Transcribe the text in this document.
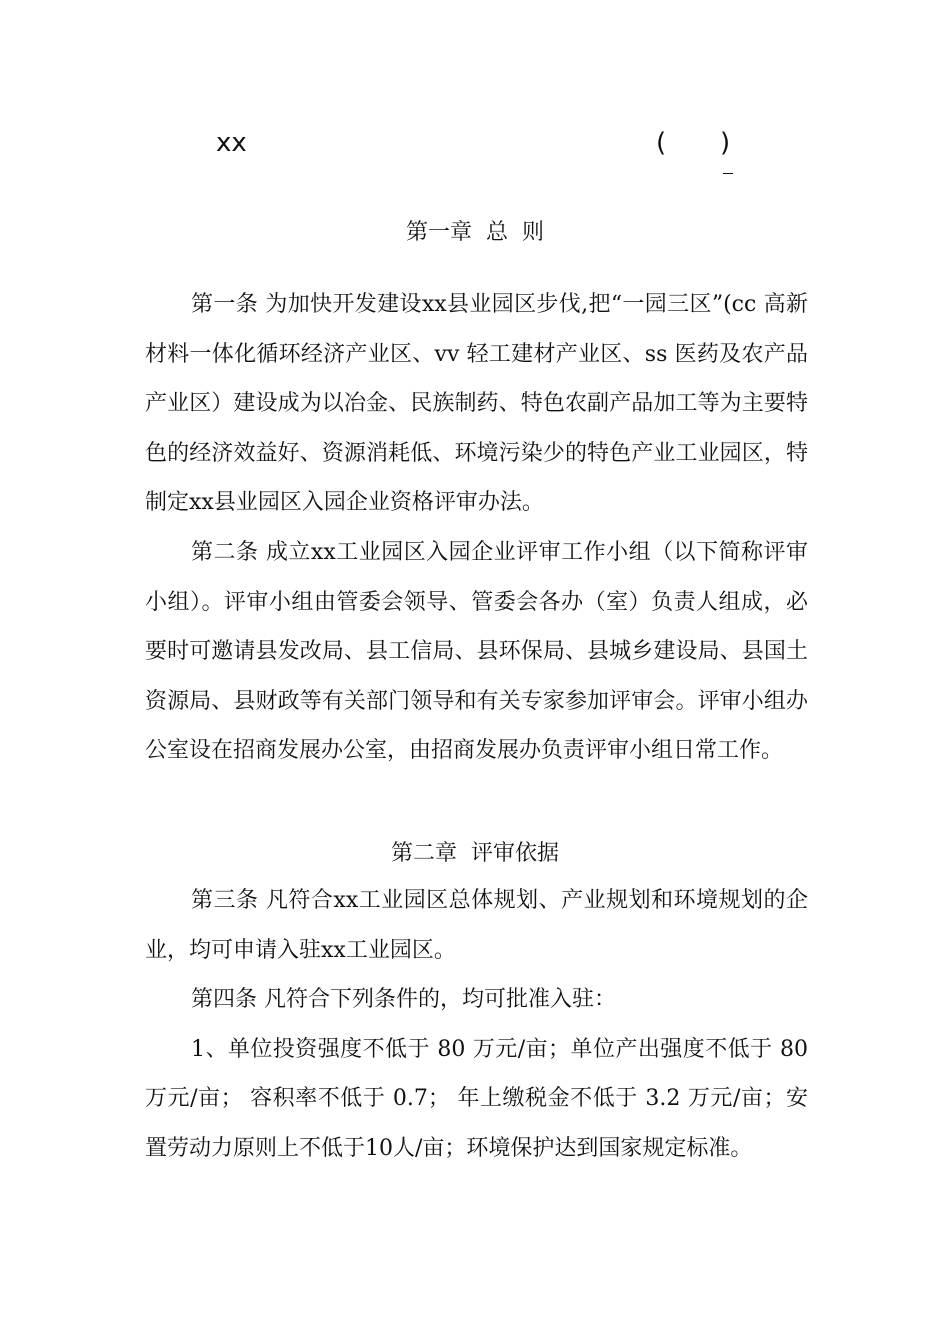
xx	( )
第一章  总  则

第一条 为加快开发建设xx县业园区步伐,把“一园三区”(cc 高新材料一体化循环经济产业区、vv 轻工建材产业区、ss 医药及农产品产业区）建设成为以冶金、民族制药、特色农副产品加工等为主要特色的经济效益好、资源消耗低、环境污染少的特色产业工业园区，特制定xx县业园区入园企业资格评审办法。

第二条 成立xx工业园区入园企业评审工作小组（以下简称评审小组）。评审小组由管委会领导、管委会各办（室）负责人组成，必要时可邀请县发改局、县工信局、县环保局、县城乡建设局、县国土资源局、县财政等有关部门领导和有关专家参加评审会。评审小组办公室设在招商发展办公室，由招商发展办负责评审小组日常工作。

第二章  评审依据

第三条 凡符合xx工业园区总体规划、产业规划和环境规划的企业，均可申请入驻xx工业园区。

第四条 凡符合下列条件的，均可批准入驻：

1、单位投资强度不低于 80 万元/亩；单位产出强度不低于 80 万元/亩； 容积率不低于 0.7； 年上缴税金不低于 3.2 万元/亩；安置劳动力原则上不低于10人/亩；环境保护达到国家规定标准。
